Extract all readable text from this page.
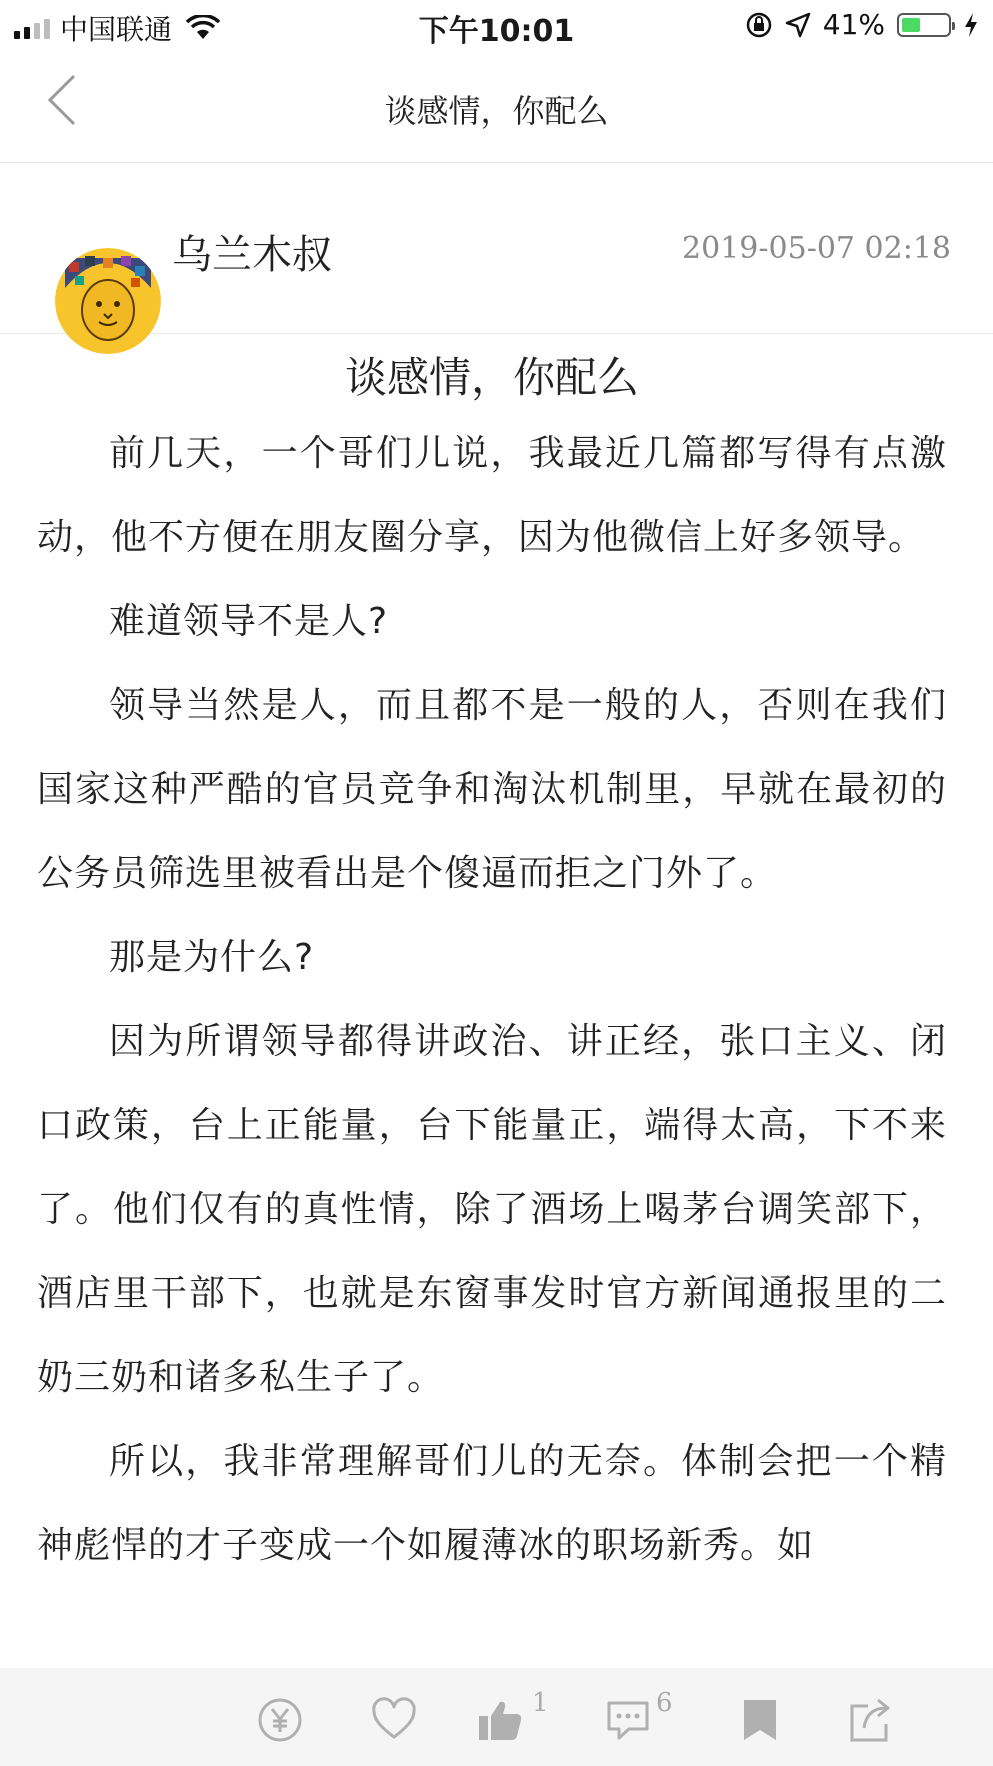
中国联通	下午10:01	41%
谈感情，你配么
乌兰木叔	2019-05-07 02:18
谈感情，你配么

前几天，一个哥们儿说，我最近几篇都写得有点激动，他不方便在朋友圈分享，因为他微信上好多领导。

难道领导不是人?

领导当然是人，而且都不是一般的人，否则在我们国家这种严酷的官员竞争和淘汰机制里，早就在最初的公务员筛选里被看出是个傻逼而拒之门外了。

那是为什么?

因为所谓领导都得讲政治、讲正经，张口主义、闭口政策，台上正能量，台下能量正，端得太高，下不来了。他们仅有的真性情，除了酒场上喝茅台调笑部下，酒店里干部下，也就是东窗事发时官方新闻通报里的二奶三奶和诸多私生子了。

所以，我非常理解哥们儿的无奈。体制会把一个精神彪悍的才子变成一个如履薄冰的职场新秀。如

1	6
